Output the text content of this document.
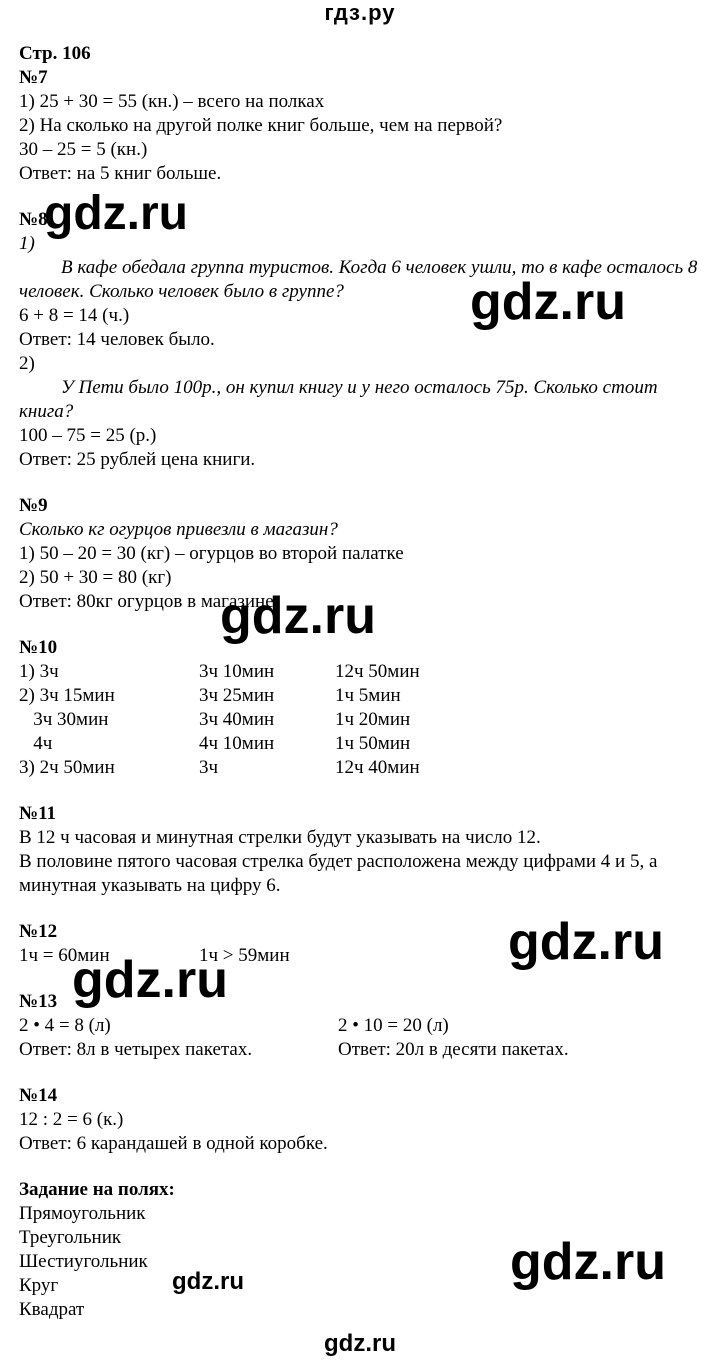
гдз.ру
Стр. 106
№7
1) 25 + 30 = 55 (кн.) – всего на полках
2) На сколько на другой полке книг больше, чем на первой?
30 – 25 = 5 (кн.)
Ответ: на 5 книг больше.
№8
1)
В кафе обедала группа туристов. Когда 6 человек ушли, то в кафе осталось 8 человек. Сколько человек было в группе?
6 + 8 = 14 (ч.)
Ответ: 14 человек было.
2)
У Пети было 100р., он купил книгу и у него осталось 75р. Сколько стоит книга?
100 – 75 = 25 (р.)
Ответ: 25 рублей цена книги.
№9
Сколько кг огурцов привезли в магазин?
1) 50 – 20 = 30 (кг) – огурцов во второй палатке
2) 50 + 30 = 80 (кг)
Ответ: 80кг огурцов в магазине.
№10
1) 3ч	3ч 10мин	12ч 50мин
2) 3ч 15мин	3ч 25мин	1ч 5мин
3ч 30мин	3ч 40мин	1ч 20мин
4ч	4ч 10мин	1ч 50мин
3) 2ч 50мин	3ч	12ч 40мин
№11
В 12 ч часовая и минутная стрелки будут указывать на число 12.
В половине пятого часовая стрелка будет расположена между цифрами 4 и 5, а минутная указывать на цифру 6.
№12
1ч = 60мин	1ч > 59мин
№13
2 • 4 = 8 (л)	2 • 10 = 20 (л)
Ответ: 8л в четырех пакетах.	Ответ: 20л в десяти пакетах.
№14
12 : 2 = 6 (к.)
Ответ: 6 карандашей в одной коробке.
Задание на полях:
Прямоугольник
Треугольник
Шестиугольник
Круг
Квадрат
gdz.ru
gdz.ru
gdz.ru
gdz.ru
gdz.ru
gdz.ru
gdz.ru
gdz.ru
